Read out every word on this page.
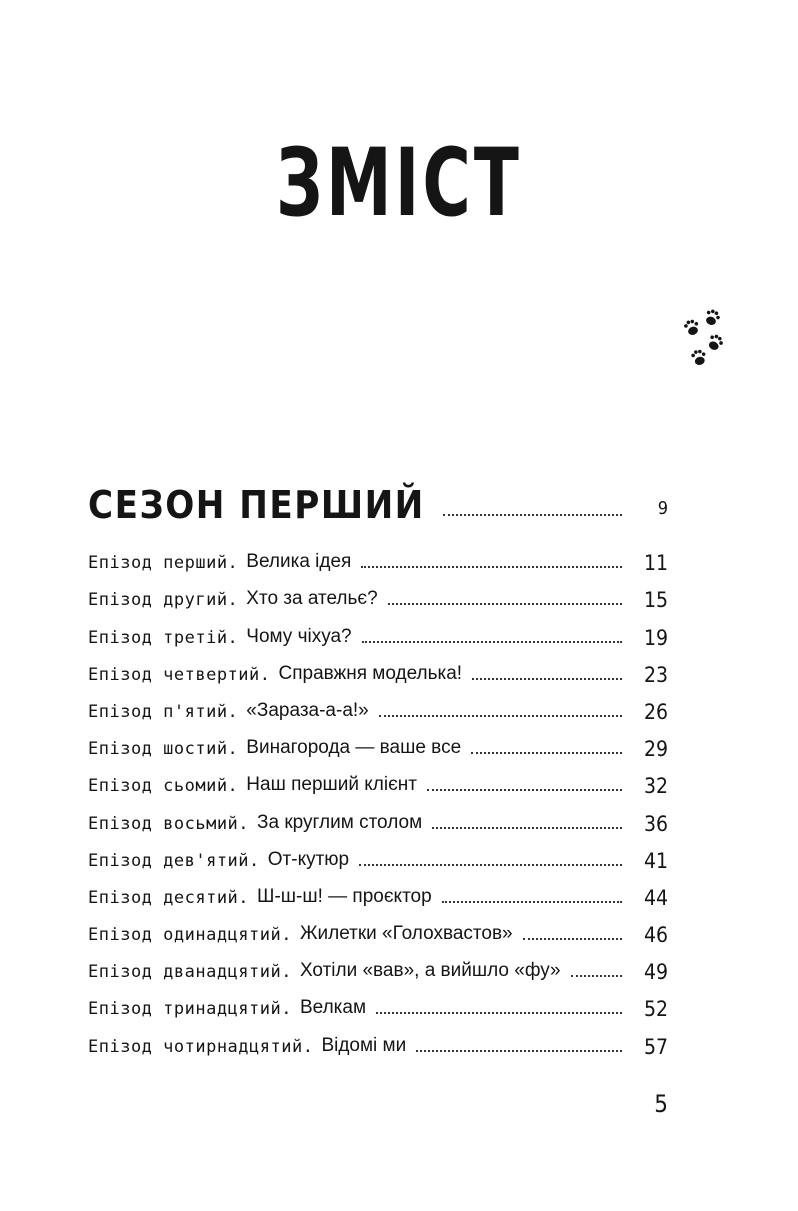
ЗМІСТ
СЕЗОН ПЕРШИЙ	9
Епізод перший. Велика ідея	11
Епізод другий. Хто за ательє?	15
Епізод третій. Чому чіхуа?	19
Епізод четвертий. Справжня моделька!	23
Епізод п'ятий. «Зараза-а-а!»	26
Епізод шостий. Винагорода — ваше все	29
Епізод сьомий. Наш перший клієнт	32
Епізод восьмий. За круглим столом	36
Епізод дев'ятий. От-кутюр	41
Епізод десятий. Ш-ш-ш! — проєктор	44
Епізод одинадцятий. Жилетки «Голохвастов»	46
Епізод дванадцятий. Хотіли «вав», а вийшло «фу»	49
Епізод тринадцятий. Велкам	52
Епізод чотирнадцятий. Відомі ми	57
5
